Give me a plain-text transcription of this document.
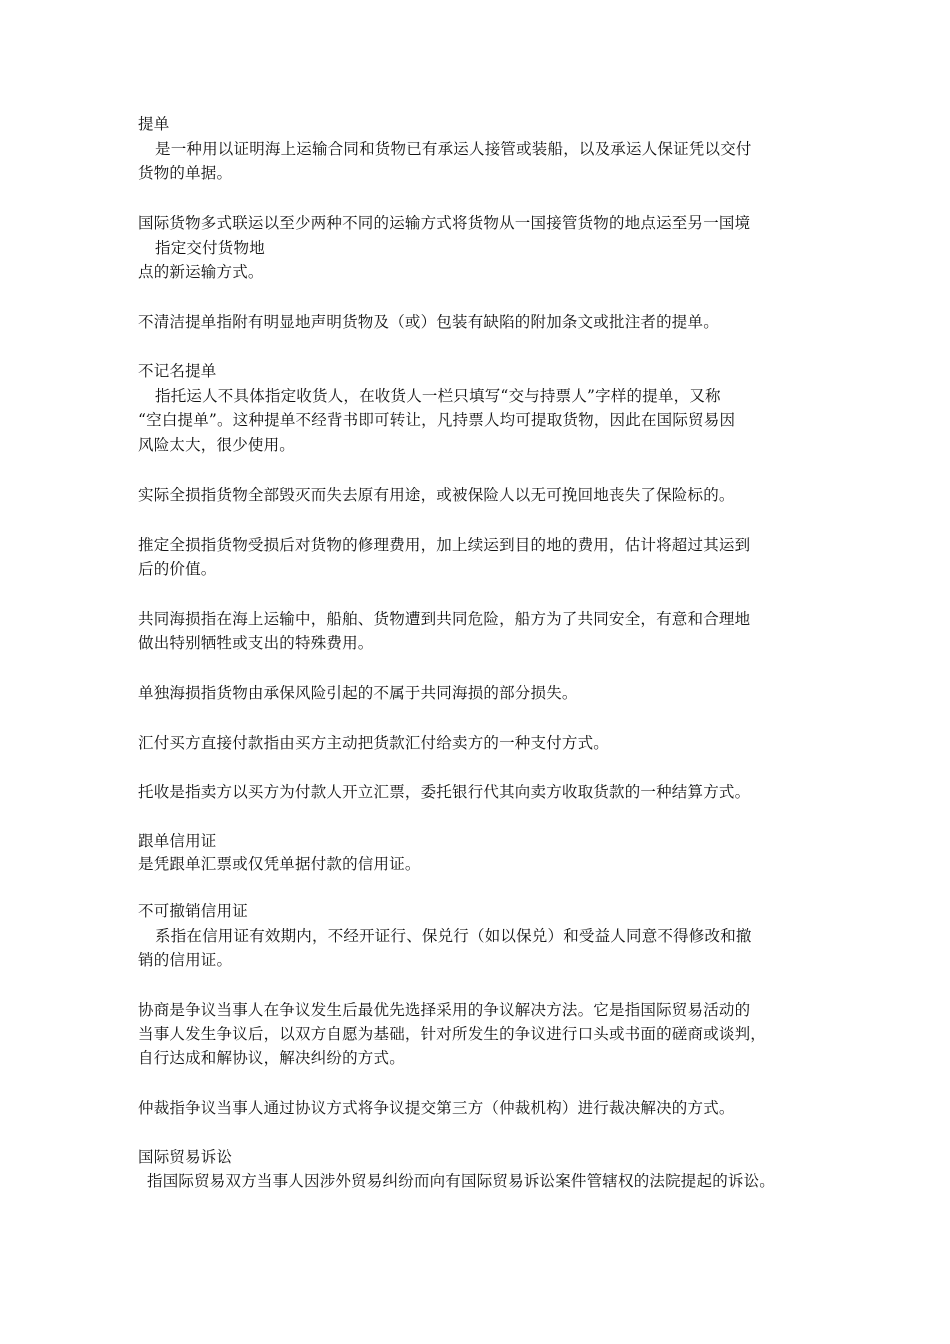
提单
是一种用以证明海上运输合同和货物已有承运人接管或装船，以及承运人保证凭以交付
货物的单据。
国际货物多式联运以至少两种不同的运输方式将货物从一国接管货物的地点运至另一国境
指定交付货物地
点的新运输方式。
不清洁提单指附有明显地声明货物及（或）包装有缺陷的附加条文或批注者的提单。
不记名提单
指托运人不具体指定收货人，在收货人一栏只填写“交与持票人”字样的提单，又称
“空白提单”。这种提单不经背书即可转让，凡持票人均可提取货物，因此在国际贸易因
风险太大，很少使用。
实际全损指货物全部毁灭而失去原有用途，或被保险人以无可挽回地丧失了保险标的。
推定全损指货物受损后对货物的修理费用，加上续运到目的地的费用，估计将超过其运到
后的价值。
共同海损指在海上运输中，船舶、货物遭到共同危险，船方为了共同安全，有意和合理地
做出特别牺牲或支出的特殊费用。
单独海损指货物由承保风险引起的不属于共同海损的部分损失。
汇付买方直接付款指由买方主动把货款汇付给卖方的一种支付方式。
托收是指卖方以买方为付款人开立汇票，委托银行代其向卖方收取货款的一种结算方式。
跟单信用证
是凭跟单汇票或仅凭单据付款的信用证。
不可撤销信用证
系指在信用证有效期内，不经开证行、保兑行（如以保兑）和受益人同意不得修改和撤
销的信用证。
协商是争议当事人在争议发生后最优先选择采用的争议解决方法。它是指国际贸易活动的
当事人发生争议后，以双方自愿为基础，针对所发生的争议进行口头或书面的磋商或谈判，
自行达成和解协议，解决纠纷的方式。
仲裁指争议当事人通过协议方式将争议提交第三方（仲裁机构）进行裁决解决的方式。
国际贸易诉讼
指国际贸易双方当事人因涉外贸易纠纷而向有国际贸易诉讼案件管辖权的法院提起的诉讼。
